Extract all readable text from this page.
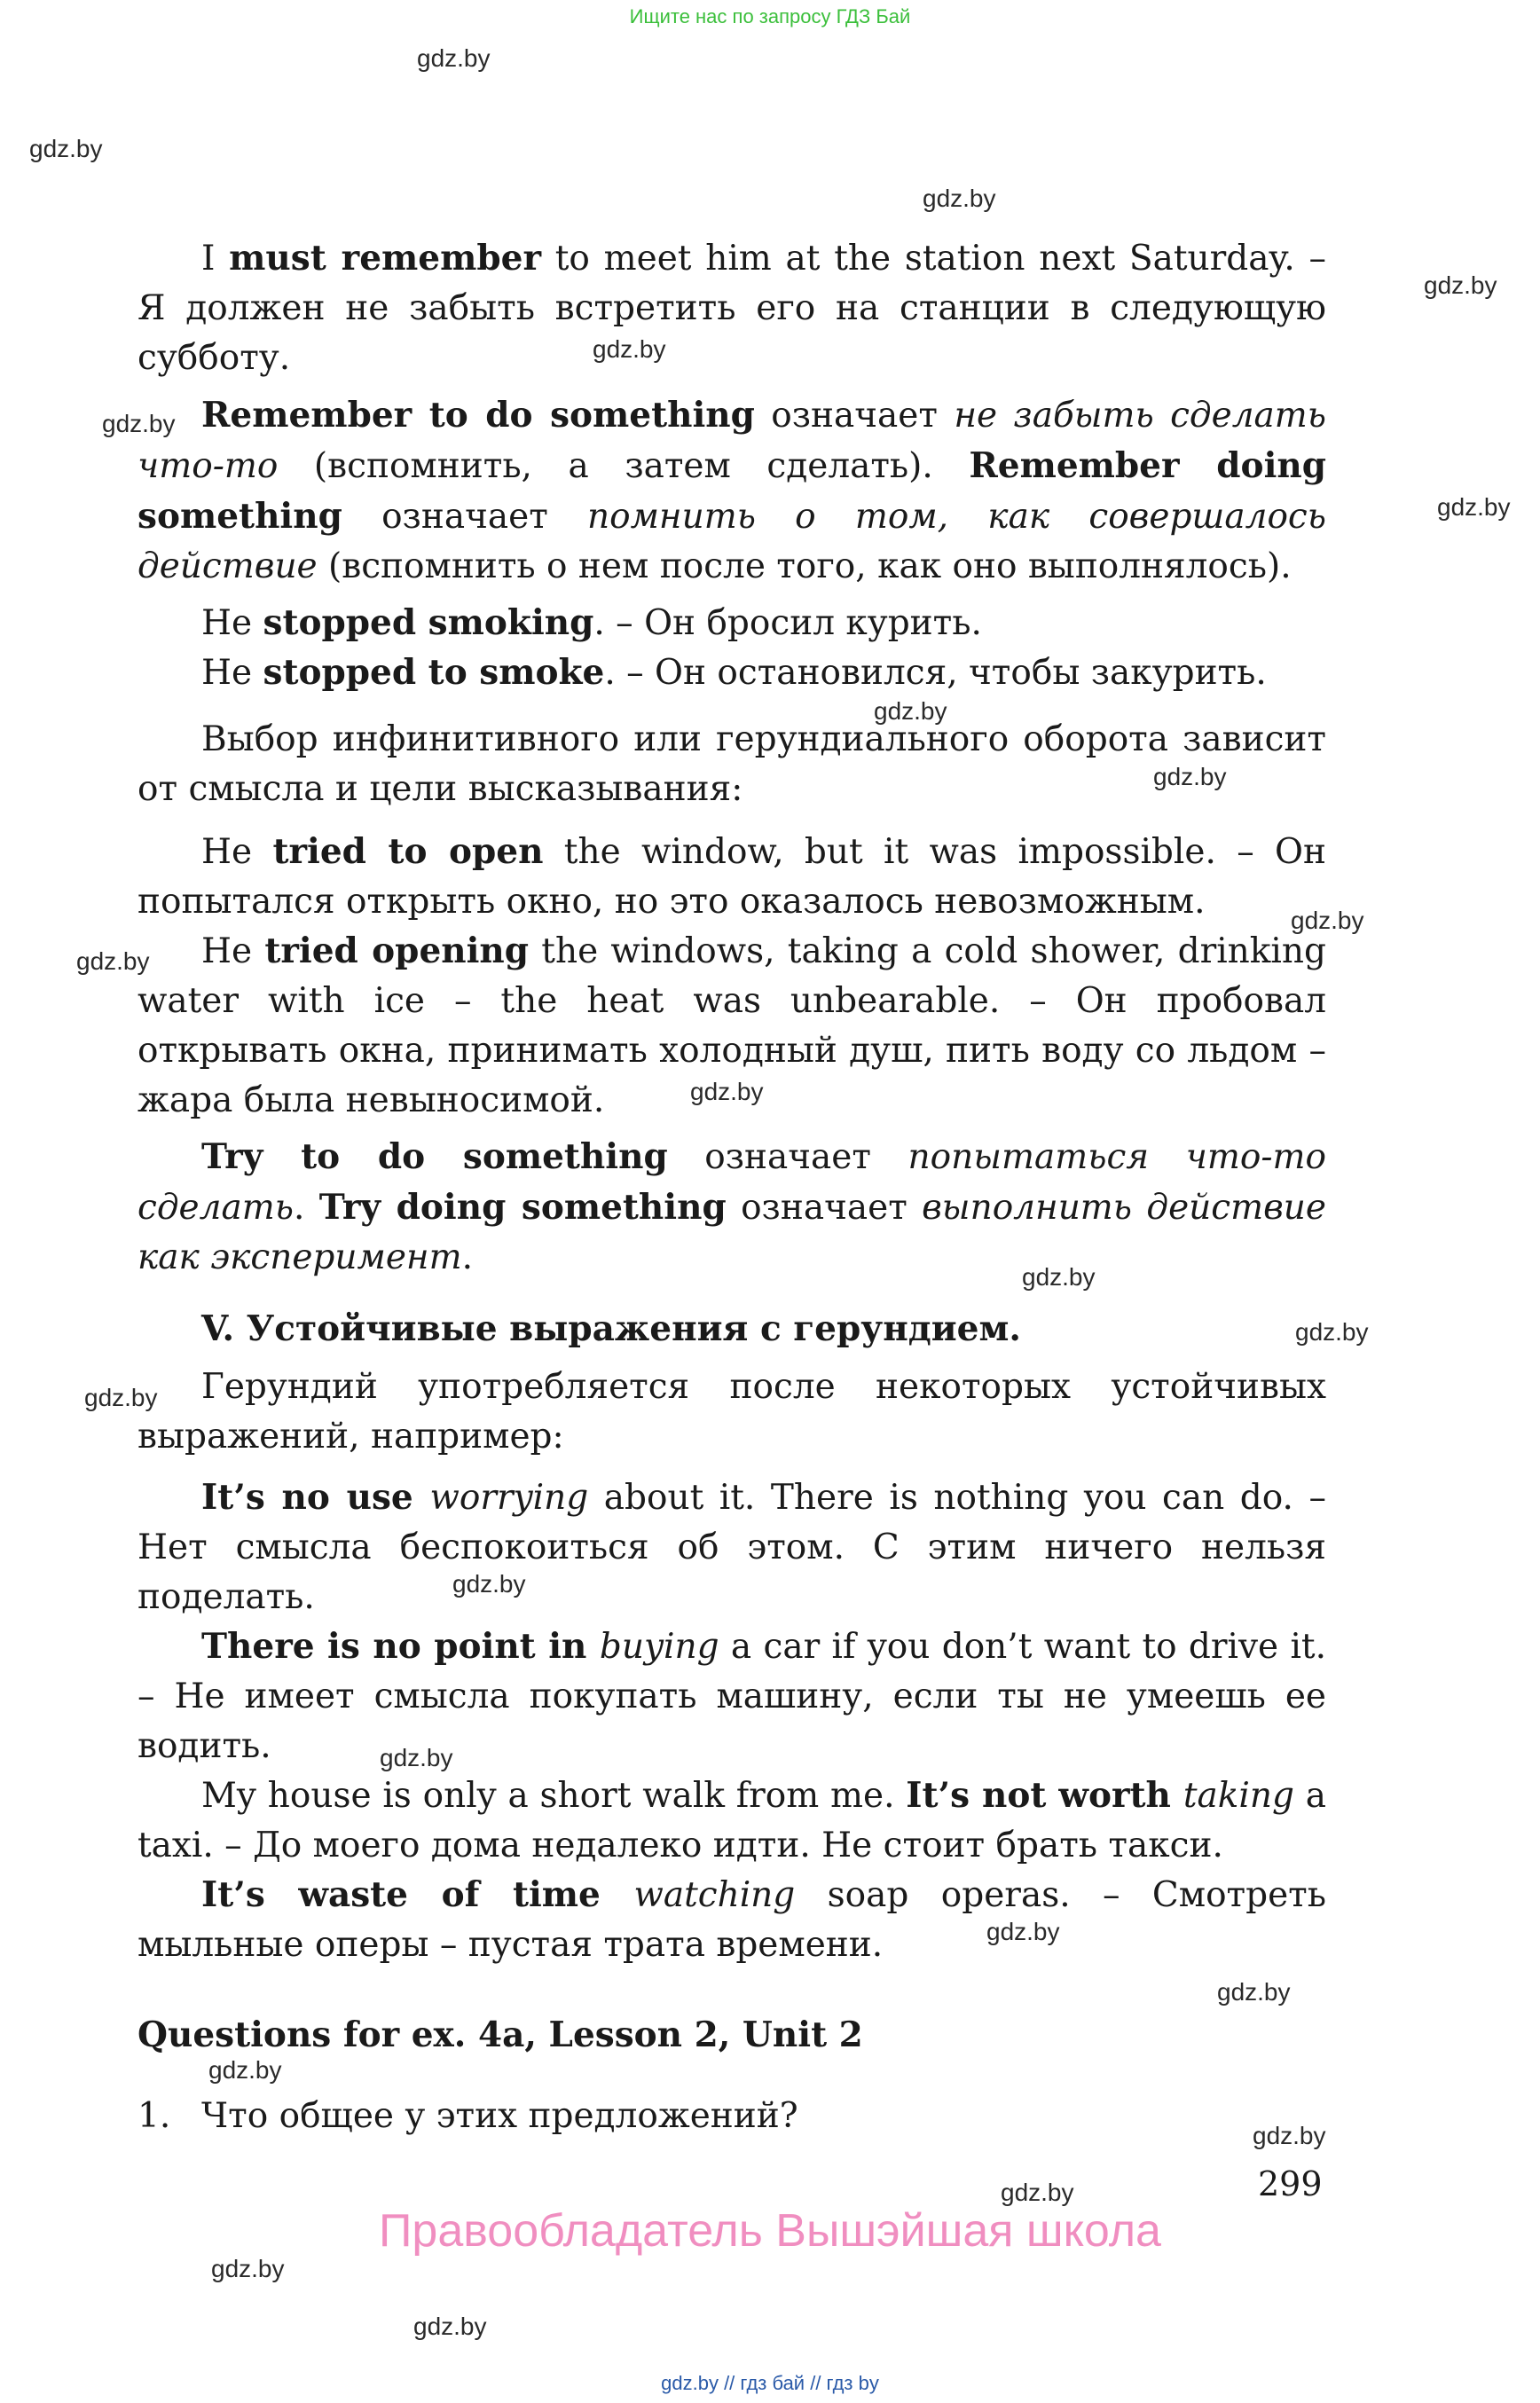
Ищите нас по запросу ГДЗ Бай
gdz.by // гдз бай // гдз by
gdz.by
gdz.by
gdz.by
gdz.by
gdz.by
gdz.by
gdz.by
gdz.by
gdz.by
gdz.by
gdz.by
gdz.by
gdz.by
gdz.by
gdz.by
gdz.by
gdz.by
gdz.by
gdz.by
gdz.by
gdz.by
gdz.by
gdz.by
gdz.by

I must remember to meet him at the station next Saturday. – Я должен не забыть встретить его на станции в следующую субботу.

Remember to do something означает не забыть сделать что-то (вспомнить, а затем сделать). Remember doing something означает помнить о том, как совершалось действие (вспомнить о нем после того, как оно выполнялось).

He stopped smoking. – Он бросил курить.

He stopped to smoke. – Он остановился, чтобы закурить.

Выбор инфинитивного или герундиального оборота зависит от смысла и цели высказывания:

He tried to open the window, but it was impossible. – Он попытался открыть окно, но это оказалось невозможным.

He tried opening the windows, taking a cold shower, drinking water with ice – the heat was unbearable. – Он пробовал открывать окна, принимать холодный душ, пить воду со льдом – жара была невыносимой.

Try to do something означает попытаться что-то сделать. Try doing something означает выполнить действие как эксперимент.

V. Устойчивые выражения с герундием.

Герундий употребляется после некоторых устойчивых выражений, например:

It’s no use worrying about it. There is nothing you can do. – Нет смысла беспокоиться об этом. С этим ничего нельзя поделать.

There is no point in buying a car if you don’t want to drive it. – Не имеет смысла покупать машину, если ты не умеешь ее водить.

My house is only a short walk from me. It’s not worth taking a taxi. – До моего дома недалеко идти. Не стоит брать такси.

It’s waste of time watching soap operas. – Смотреть мыльные оперы – пустая трата времени.

Questions for ex. 4a, Lesson 2, Unit 2

1. Что общее у этих предложений?

299
Правообладатель Вышэйшая школа
